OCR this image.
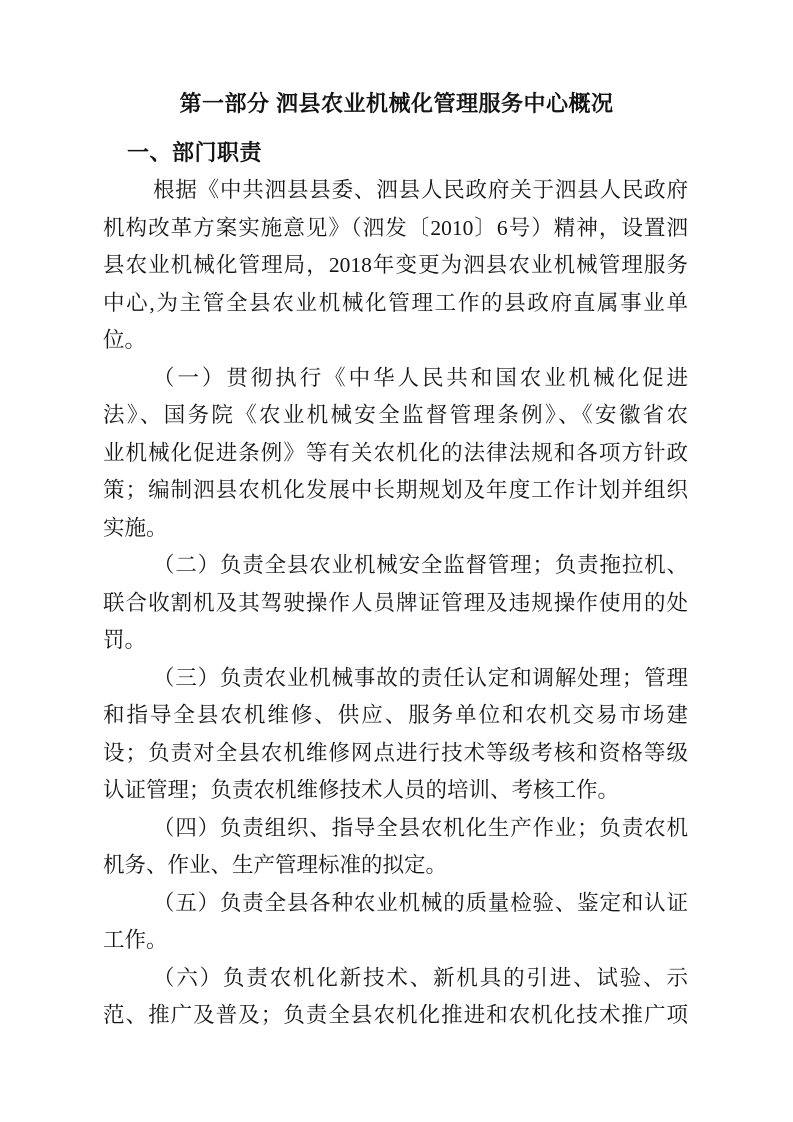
第一部分 泗县农业机械化管理服务中心概况
一、部门职责
根据《中共泗县县委、泗县人民政府关于泗县人民政府
机构改革方案实施意见》（泗发〔2010〕6号）精神，设置泗
县农业机械化管理局，2018年变更为泗县农业机械管理服务
中心,为主管全县农业机械化管理工作的县政府直属事业单
位。
（一）贯彻执行《中华人民共和国农业机械化促进
法》、国务院《农业机械安全监督管理条例》、《安徽省农
业机械化促进条例》等有关农机化的法律法规和各项方针政
策；编制泗县农机化发展中长期规划及年度工作计划并组织
实施。
（二）负责全县农业机械安全监督管理；负责拖拉机、
联合收割机及其驾驶操作人员牌证管理及违规操作使用的处
罚。
（三）负责农业机械事故的责任认定和调解处理；管理
和指导全县农机维修、供应、服务单位和农机交易市场建
设；负责对全县农机维修网点进行技术等级考核和资格等级
认证管理；负责农机维修技术人员的培训、考核工作。
（四）负责组织、指导全县农机化生产作业；负责农机
机务、作业、生产管理标准的拟定。
（五）负责全县各种农业机械的质量检验、鉴定和认证
工作。
（六）负责农机化新技术、新机具的引进、试验、示
范、推广及普及；负责全县农机化推进和农机化技术推广项
